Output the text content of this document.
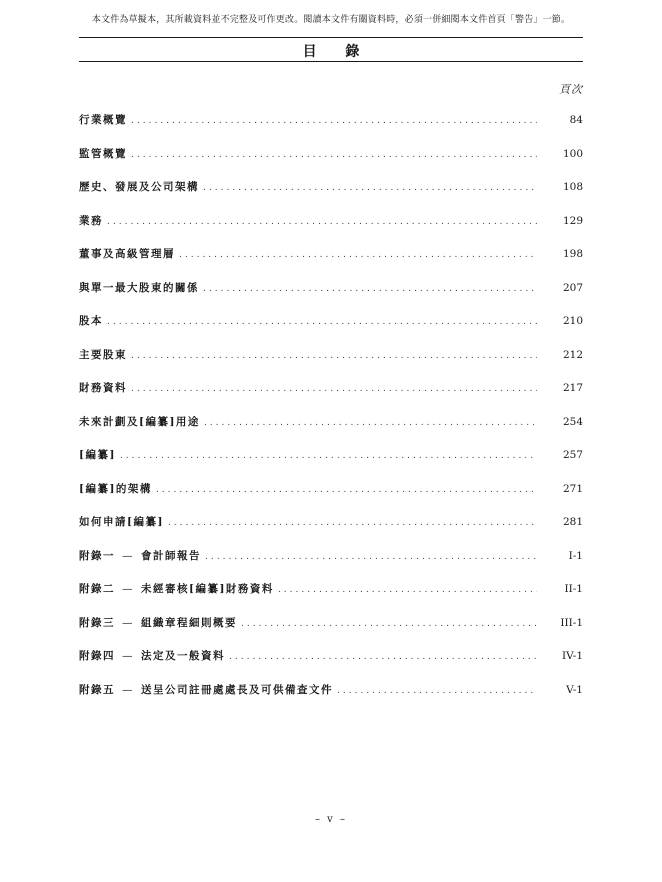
本文件為草擬本，其所載資料並不完整及可作更改。閱讀本文件有關資料時，必須一併細閱本文件首頁「警告」一節。
目 錄
頁次
行業概覽 .....	84
監管概覽 .....	100
歷史、發展及公司架構 .....	108
業務 .....	129
董事及高級管理層 .....	198
與單一最大股東的關係 .....	207
股本 .....	210
主要股東 .....	212
財務資料 .....	217
未來計劃及[編纂]用途 .....	254
[編纂] .....	257
[編纂]的架構 .....	271
如何申請[編纂] .....	281
附錄一 — 會計師報告 .....	I-1
附錄二 — 未經審核[編纂]財務資料 .....	II-1
附錄三 — 組織章程細則概要 .....	III-1
附錄四 — 法定及一般資料 .....	IV-1
附錄五 — 送呈公司註冊處處長及可供備查文件 .....	V-1
– v –
